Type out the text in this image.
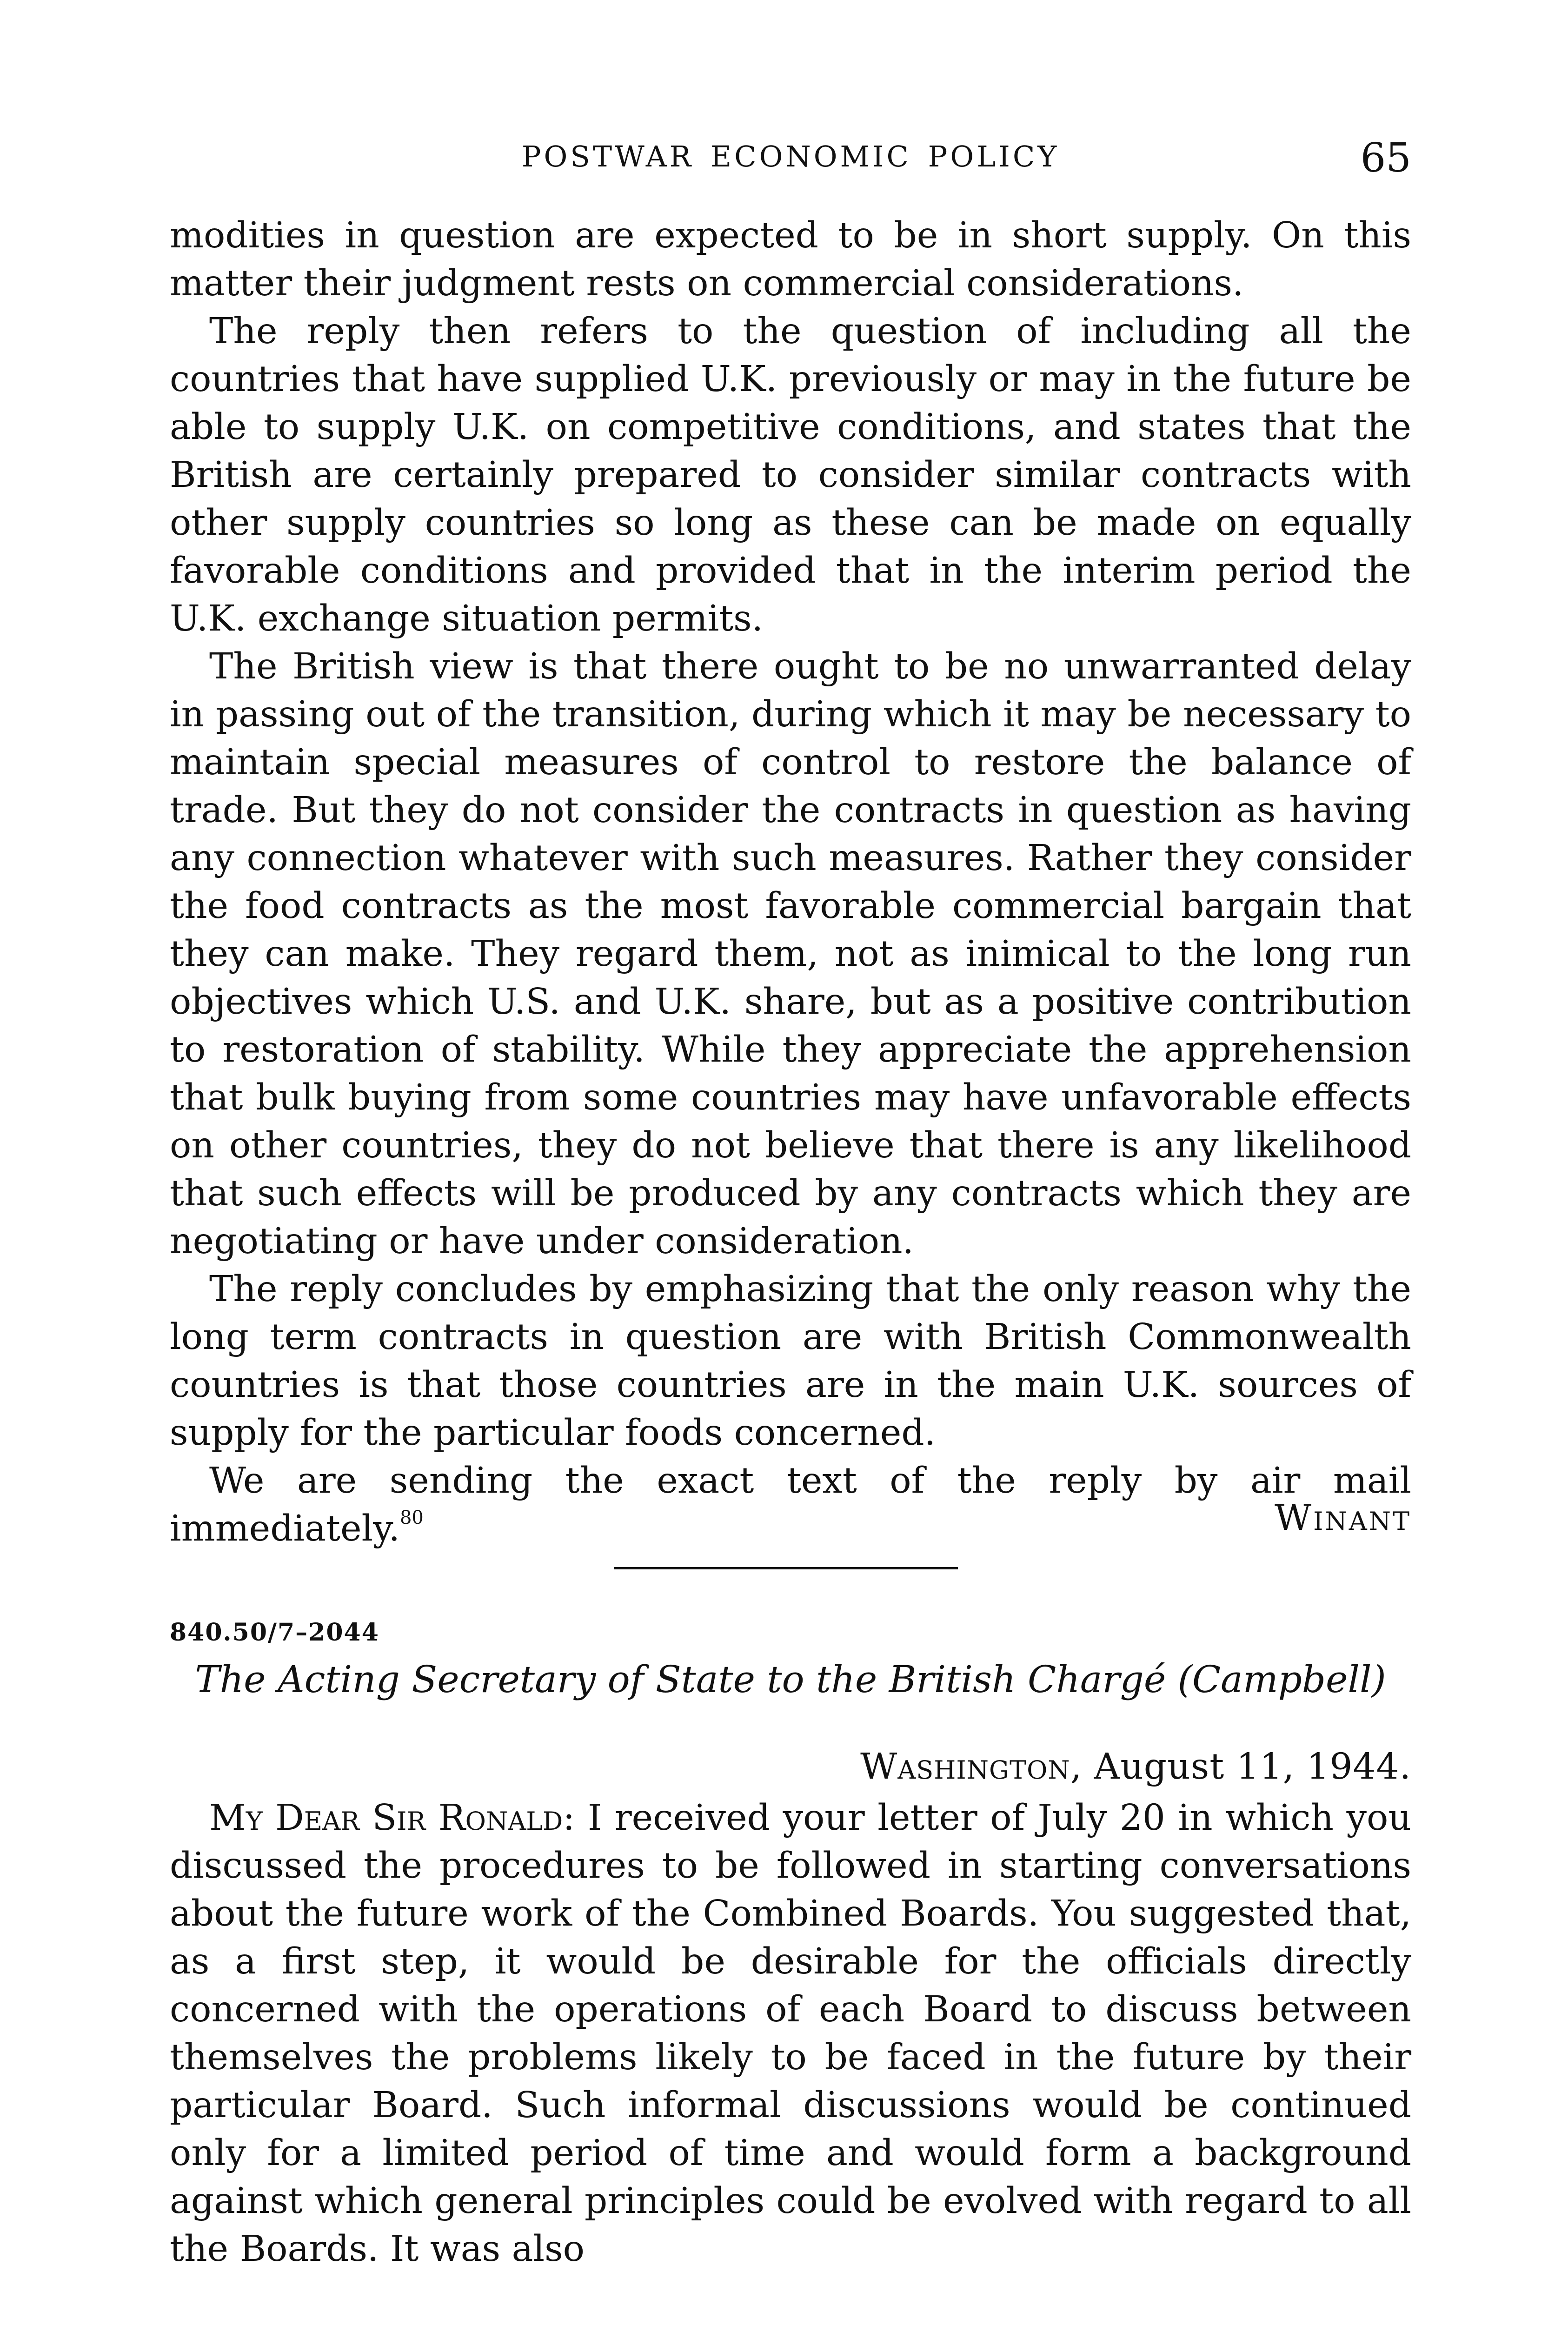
POSTWAR ECONOMIC POLICY	65

modities in question are expected to be in short supply. On this matter their judgment rests on commercial considerations.

The reply then refers to the question of including all the countries that have supplied U.K. previously or may in the future be able to supply U.K. on competitive conditions, and states that the British are certainly prepared to consider similar contracts with other supply countries so long as these can be made on equally favorable conditions and provided that in the interim period the U.K. exchange situation permits.

The British view is that there ought to be no unwarranted delay in passing out of the transition, during which it may be necessary to maintain special measures of control to restore the balance of trade. But they do not consider the contracts in question as having any connection whatever with such measures. Rather they consider the food contracts as the most favorable commercial bargain that they can make. They regard them, not as inimical to the long run objectives which U.S. and U.K. share, but as a positive contribution to restoration of stability. While they appreciate the apprehension that bulk buying from some countries may have unfavorable effects on other countries, they do not believe that there is any likelihood that such effects will be produced by any contracts which they are negotiating or have under consideration.

The reply concludes by emphasizing that the only reason why the long term contracts in question are with British Commonwealth countries is that those countries are in the main U.K. sources of supply for the particular foods concerned.

We are sending the exact text of the reply by air mail immediately.$^{80}$	Winant
840.50/7–2044
The Acting Secretary of State to the British Chargé (Campbell)
Washington, August 11, 1944.

My Dear Sir Ronald: I received your letter of July 20 in which you discussed the procedures to be followed in starting conversations about the future work of the Combined Boards. You suggested that, as a first step, it would be desirable for the officials directly concerned with the operations of each Board to discuss between themselves the problems likely to be faced in the future by their particular Board. Such informal discussions would be continued only for a limited period of time and would form a background against which general principles could be evolved with regard to all the Boards. It was also
